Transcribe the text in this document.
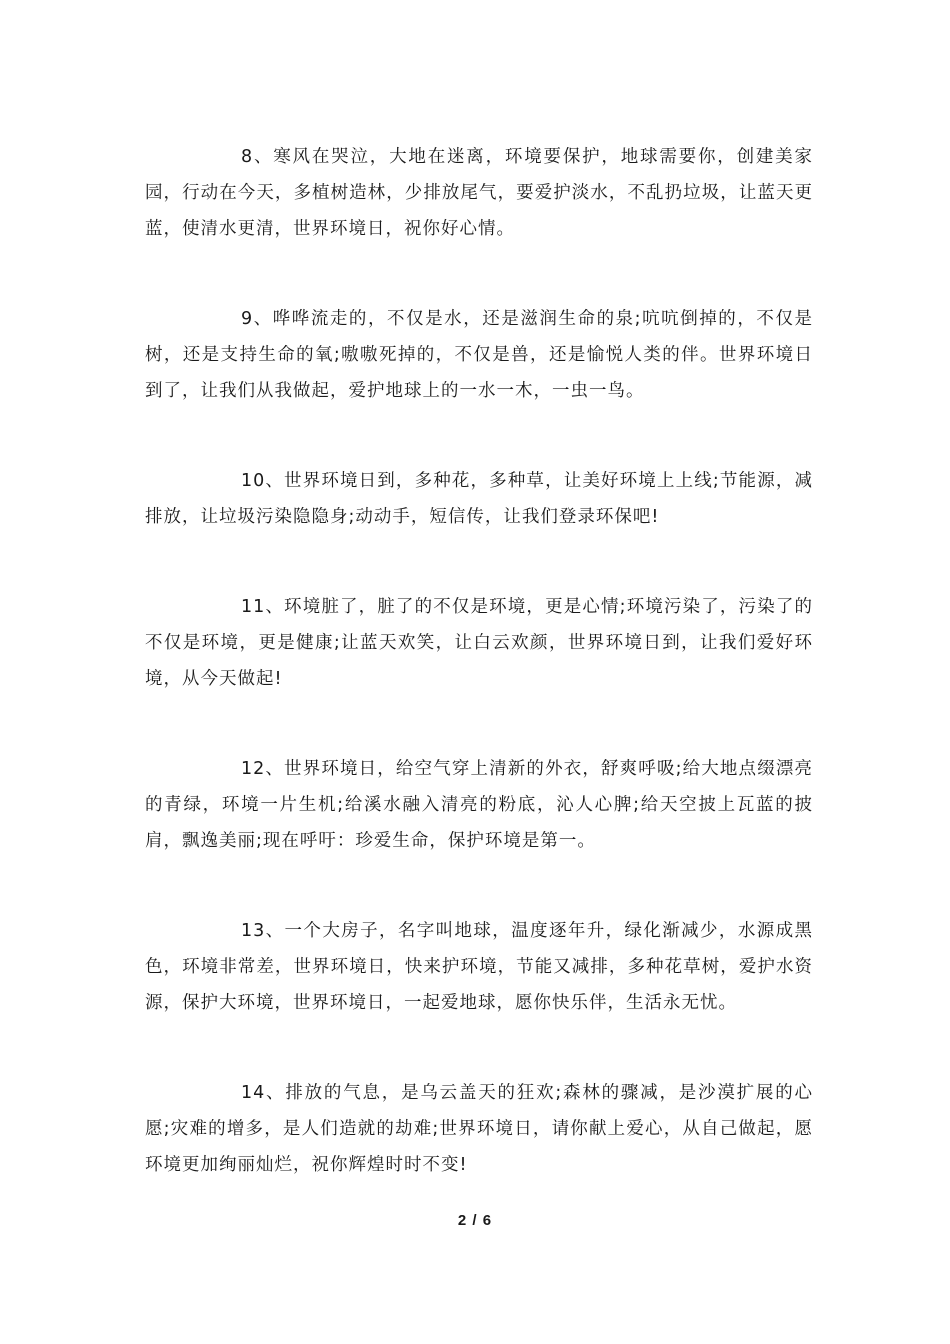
8、寒风在哭泣，大地在迷离，环境要保护，地球需要你，创建美家园，行动在今天，多植树造林，少排放尾气，要爱护淡水，不乱扔垃圾，让蓝天更蓝，使清水更清，世界环境日，祝你好心情。

9、哗哗流走的，不仅是水，还是滋润生命的泉;吭吭倒掉的，不仅是树，还是支持生命的氧;嗷嗷死掉的，不仅是兽，还是愉悦人类的伴。世界环境日到了，让我们从我做起，爱护地球上的一水一木，一虫一鸟。

10、世界环境日到，多种花，多种草，让美好环境上上线;节能源，减排放，让垃圾污染隐隐身;动动手，短信传，让我们登录环保吧!

11、环境脏了，脏了的不仅是环境，更是心情;环境污染了，污染了的不仅是环境，更是健康;让蓝天欢笑，让白云欢颜，世界环境日到，让我们爱好环境，从今天做起!

12、世界环境日，给空气穿上清新的外衣，舒爽呼吸;给大地点缀漂亮的青绿，环境一片生机;给溪水融入清亮的粉底，沁人心脾;给天空披上瓦蓝的披肩，飘逸美丽;现在呼吁：珍爱生命，保护环境是第一。

13、一个大房子，名字叫地球，温度逐年升，绿化渐减少，水源成黑色，环境非常差，世界环境日，快来护环境，节能又减排，多种花草树，爱护水资源，保护大环境，世界环境日，一起爱地球，愿你快乐伴，生活永无忧。

14、排放的气息，是乌云盖天的狂欢;森林的骤减，是沙漠扩展的心愿;灾难的增多，是人们造就的劫难;世界环境日，请你献上爱心，从自己做起，愿环境更加绚丽灿烂，祝你辉煌时时不变!

2 / 6
